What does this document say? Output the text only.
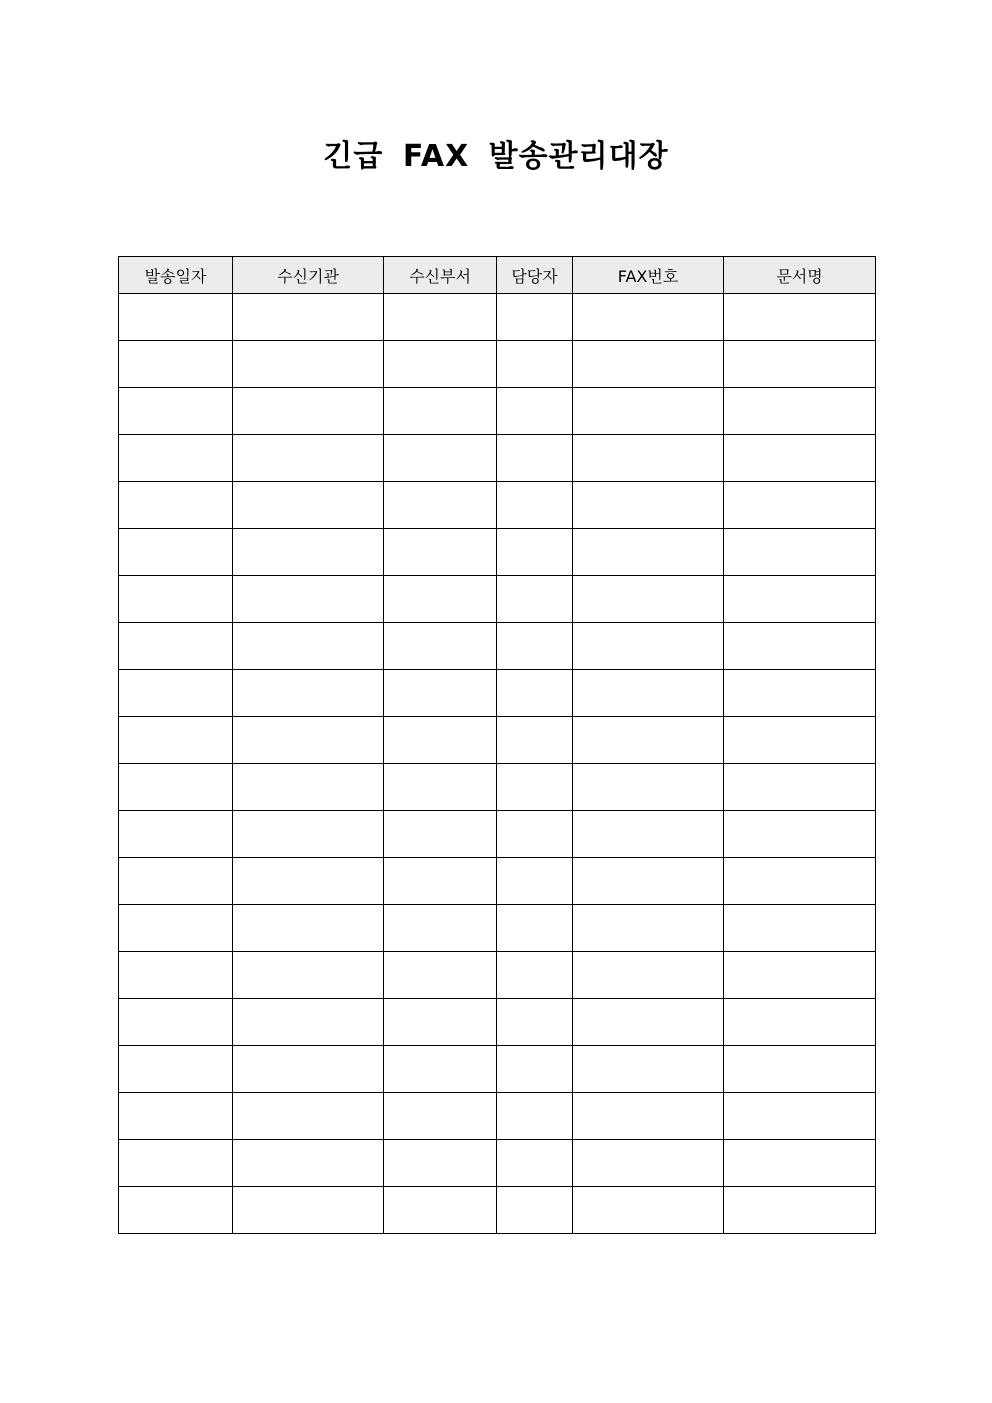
긴급 FAX 발송관리대장
발송일자	수신기관	수신부서	담당자	FAX번호	문서명
